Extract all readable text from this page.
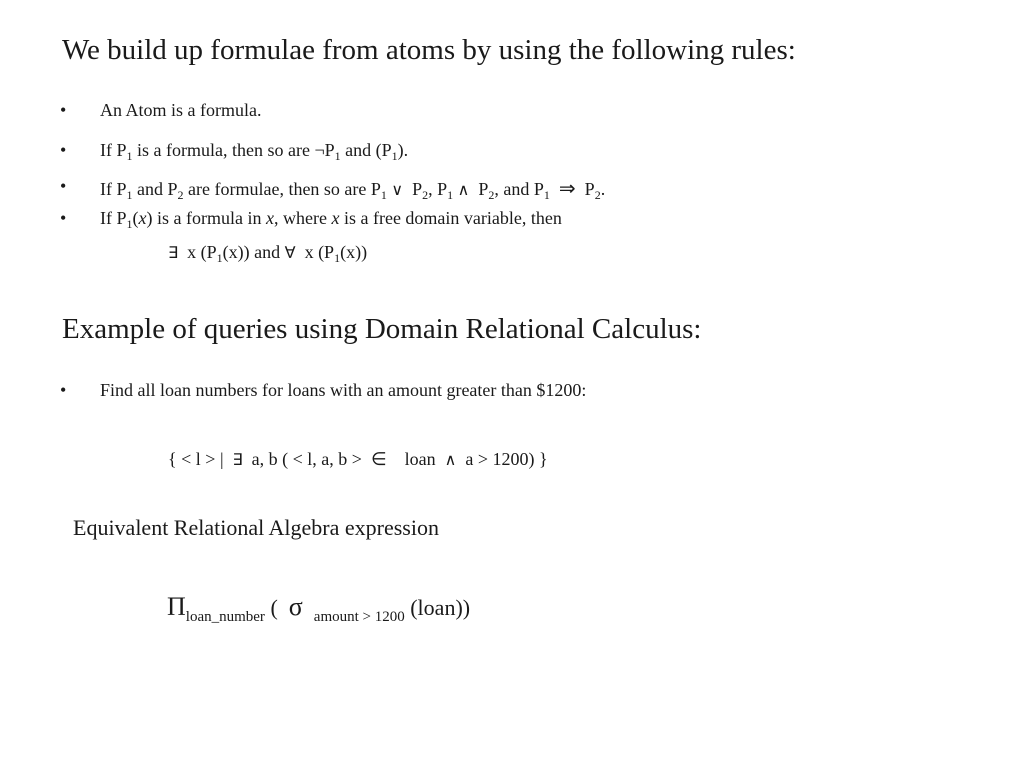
We build up formulae from atoms by using the following rules:
• An Atom is a formula.
• If $P_1$ is a formula, then so are $\neg P_1$ and $(P_1)$.
• If $P_1$ and $P_2$ are formulae, then so are $P_1$ ∨ $P_2$, $P_1$ ∧ $P_2$, and $P_1$ ⇒ $P_2$.
• If $P_1(x)$ is a formula in x, where x is a free domain variable, then
∃ x $(P_1(x))$ and ∀ x $(P_1(x))$
Example of queries using Domain Relational Calculus:
• Find all loan numbers for loans with an amount greater than $1200:
{ < l > | ∃ a, b ( < l, a, b > ∈ loan ∧ a > 1200) }
Equivalent Relational Algebra expression
$\Pi_{loan\_number}$ ( σ $_{amount > 1200}$ (loan))
